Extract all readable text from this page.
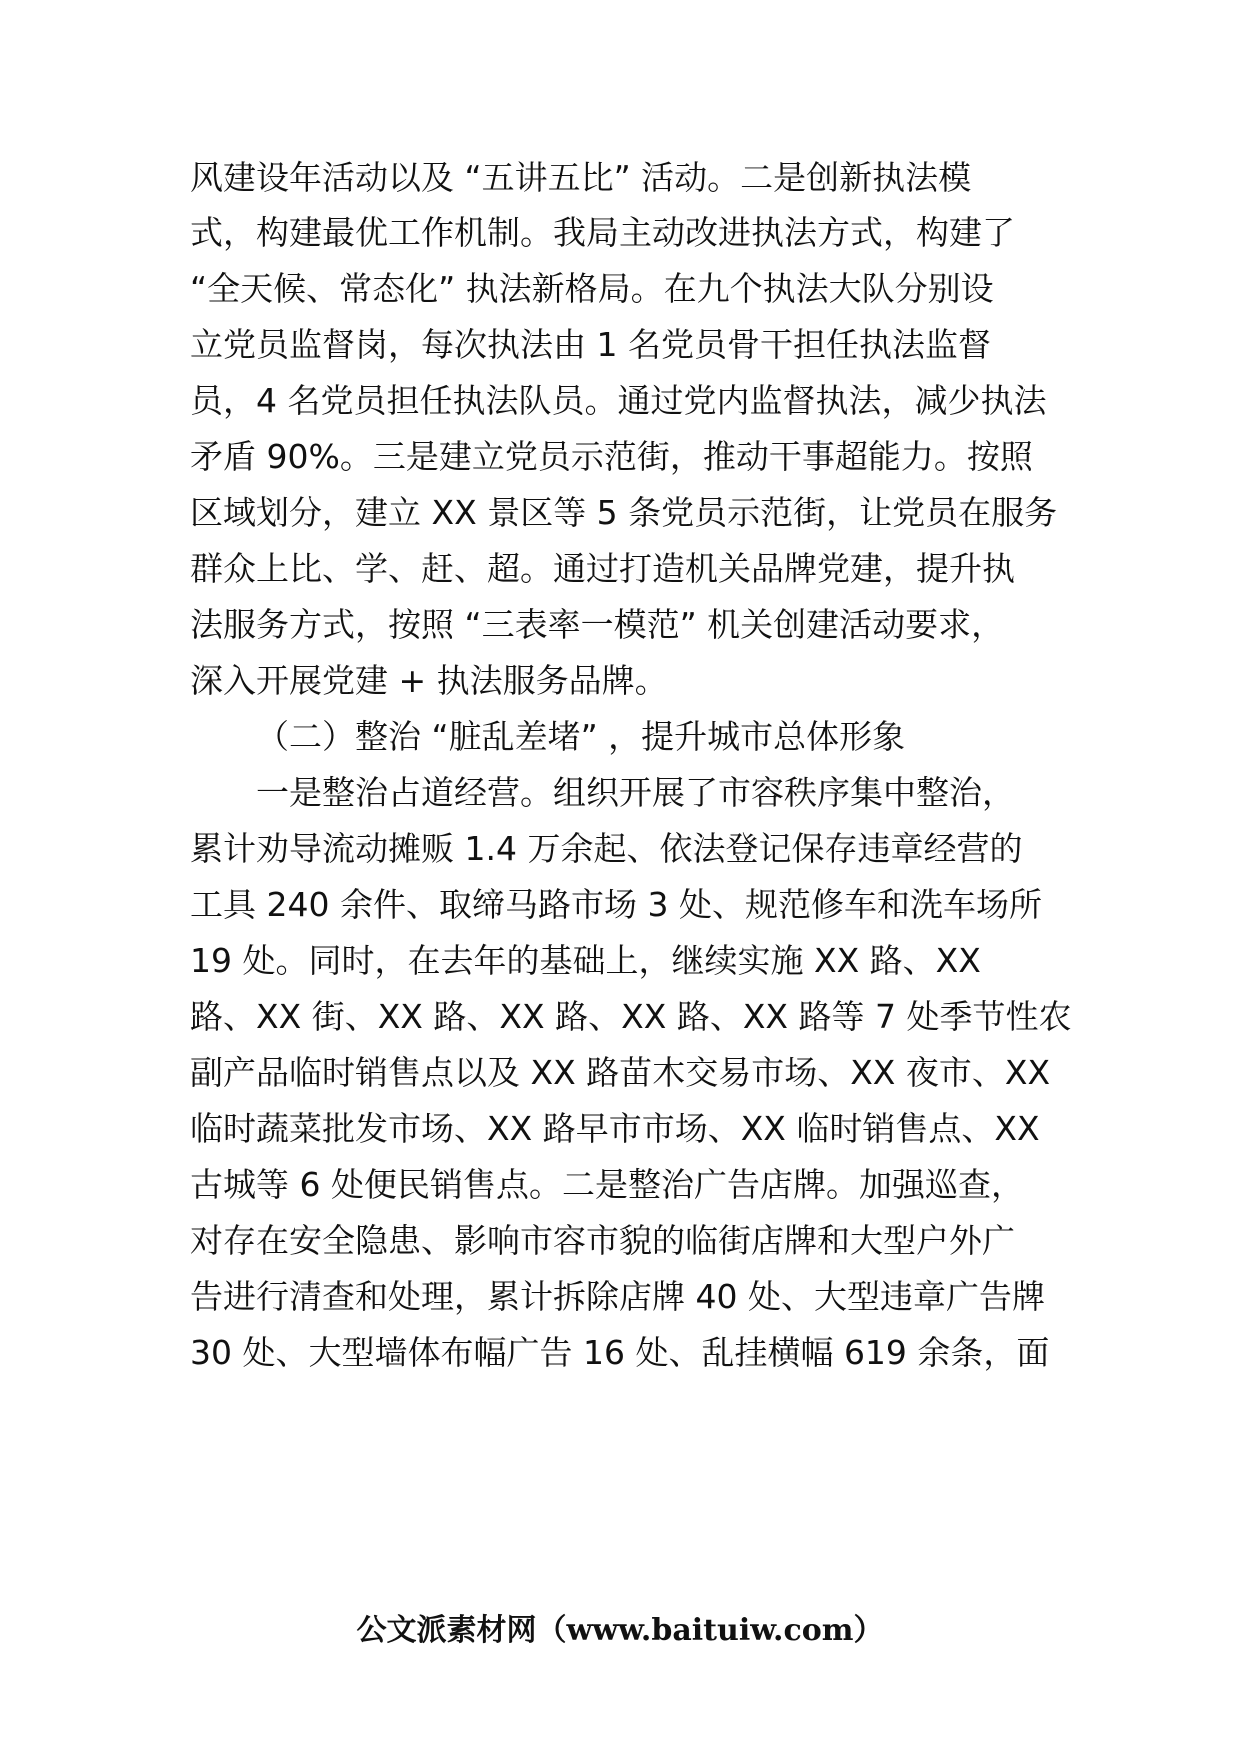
风建设年活动以及 “五讲五比” 活动。二是创新执法模
式，构建最优工作机制。我局主动改进执法方式，构建了
“全天候、常态化” 执法新格局。在九个执法大队分别设
立党员监督岗，每次执法由 1 名党员骨干担任执法监督
员，4 名党员担任执法队员。通过党内监督执法，减少执法
矛盾 90%。三是建立党员示范街，推动干事超能力。按照
区域划分，建立 XX 景区等 5 条党员示范街，让党员在服务
群众上比、学、赶、超。通过打造机关品牌党建，提升执
法服务方式，按照 “三表率一模范” 机关创建活动要求，
深入开展党建 + 执法服务品牌。
（二）整治 “脏乱差堵” ，提升城市总体形象
一是整治占道经营。组织开展了市容秩序集中整治，
累计劝导流动摊贩 1.4 万余起、依法登记保存违章经营的
工具 240 余件、取缔马路市场 3 处、规范修车和洗车场所
19 处。同时，在去年的基础上，继续实施 XX 路、XX
路、XX 街、XX 路、XX 路、XX 路、XX 路等 7 处季节性农
副产品临时销售点以及 XX 路苗木交易市场、XX 夜市、XX
临时蔬菜批发市场、XX 路早市市场、XX 临时销售点、XX
古城等 6 处便民销售点。二是整治广告店牌。加强巡查，
对存在安全隐患、影响市容市貌的临街店牌和大型户外广
告进行清查和处理，累计拆除店牌 40 处、大型违章广告牌
30 处、大型墙体布幅广告 16 处、乱挂横幅 619 余条，面
公文派素材网（www.baituiw.com）
